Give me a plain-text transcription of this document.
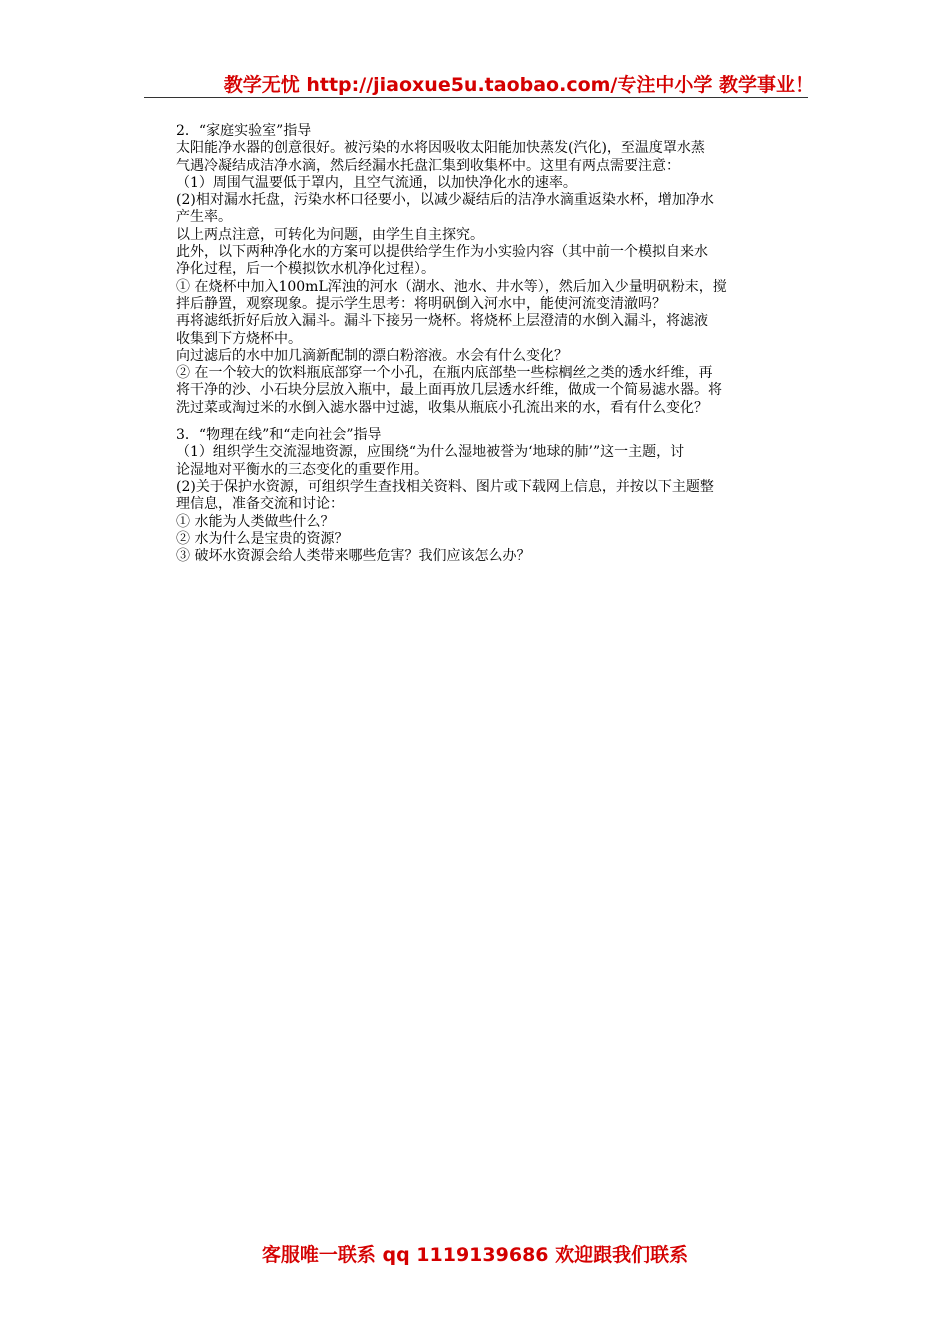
教学无忧 http://jiaoxue5u.taobao.com/专注中小学 教学事业！

2．“家庭实验室”指导

太阳能净水器的创意很好。被污染的水将因吸收太阳能加快蒸发(汽化)，至温度罩水蒸
气遇冷凝结成洁净水滴，然后经漏水托盘汇集到收集杯中。这里有两点需要注意：

（1）周围气温要低于罩内，且空气流通，以加快净化水的速率。

(2)相对漏水托盘，污染水杯口径要小，以减少凝结后的洁净水滴重返染水杯，增加净水
产生率。

以上两点注意，可转化为问题，由学生自主探究。

此外，以下两种净化水的方案可以提供给学生作为小实验内容（其中前一个模拟自来水
净化过程，后一个模拟饮水机净化过程）。

① 在烧杯中加入100mL浑浊的河水（湖水、池水、井水等），然后加入少量明矾粉末，搅
拌后静置，观察现象。提示学生思考：将明矾倒入河水中，能使河流变清澈吗？

再将滤纸折好后放入漏斗。漏斗下接另一烧杯。将烧杯上层澄清的水倒入漏斗，将滤液
收集到下方烧杯中。

向过滤后的水中加几滴新配制的漂白粉溶液。水会有什么变化？

② 在一个较大的饮料瓶底部穿一个小孔，在瓶内底部垫一些棕榈丝之类的透水纤维，再
将干净的沙、小石块分层放入瓶中，最上面再放几层透水纤维，做成一个简易滤水器。将
洗过菜或淘过米的水倒入滤水器中过滤，收集从瓶底小孔流出来的水，看有什么变化？

3．“物理在线”和“走向社会”指导

（1）组织学生交流湿地资源，应围绕“为什么湿地被誉为‘地球的肺’”这一主题，讨
论湿地对平衡水的三态变化的重要作用。

(2)关于保护水资源，可组织学生查找相关资料、图片或下载网上信息，并按以下主题整
理信息，准备交流和讨论：

① 水能为人类做些什么？

② 水为什么是宝贵的资源？

③ 破坏水资源会给人类带来哪些危害？我们应该怎么办？

客服唯一联系 qq 1119139686 欢迎跟我们联系
